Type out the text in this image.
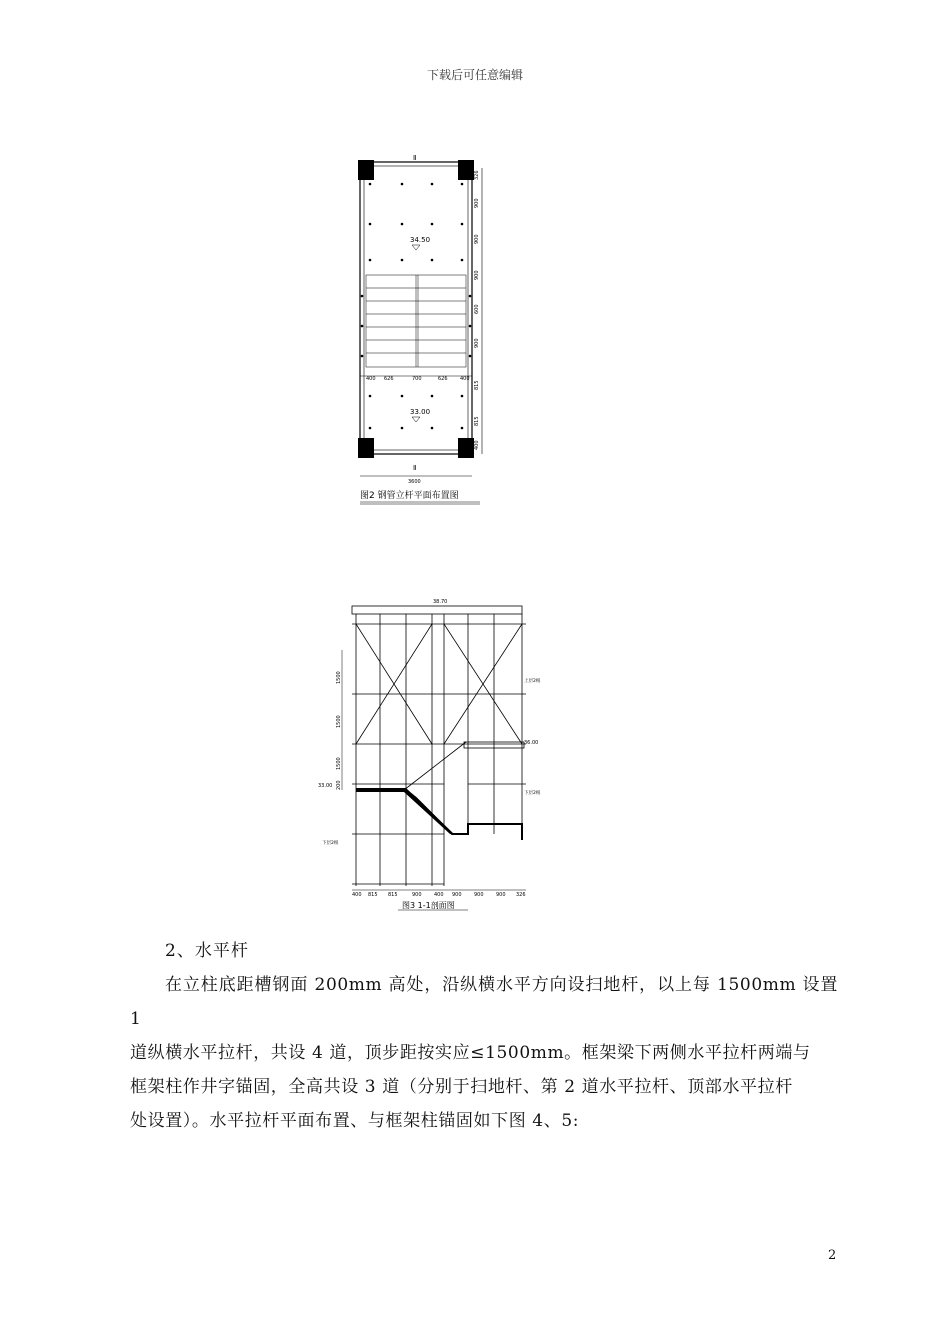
下载后可任意编辑
400 626	700	626 400
34.50
33.00
Ⅱ
Ⅱ
326
900
900
900
600
900
815
815
400
3600
图2 钢管立杆平面布置图
38.70
1500
1500
1500
200
33.00
36.00
上层2根
下层2根
下层2根
400 815 815	900 400 900 900 900 326
图3 1-1剖面图
2、水平杆
在立柱底距槽钢面 200mm 高处，沿纵横水平方向设扫地杆，以上每 1500mm 设置 1
道纵横水平拉杆，共设 4 道，顶步距按实应≤1500mm。框架梁下两侧水平拉杆两端与
框架柱作井字锚固，全高共设 3 道（分别于扫地杆、第 2 道水平拉杆、顶部水平拉杆
处设置）。水平拉杆平面布置、与框架柱锚固如下图 4、5:
2
